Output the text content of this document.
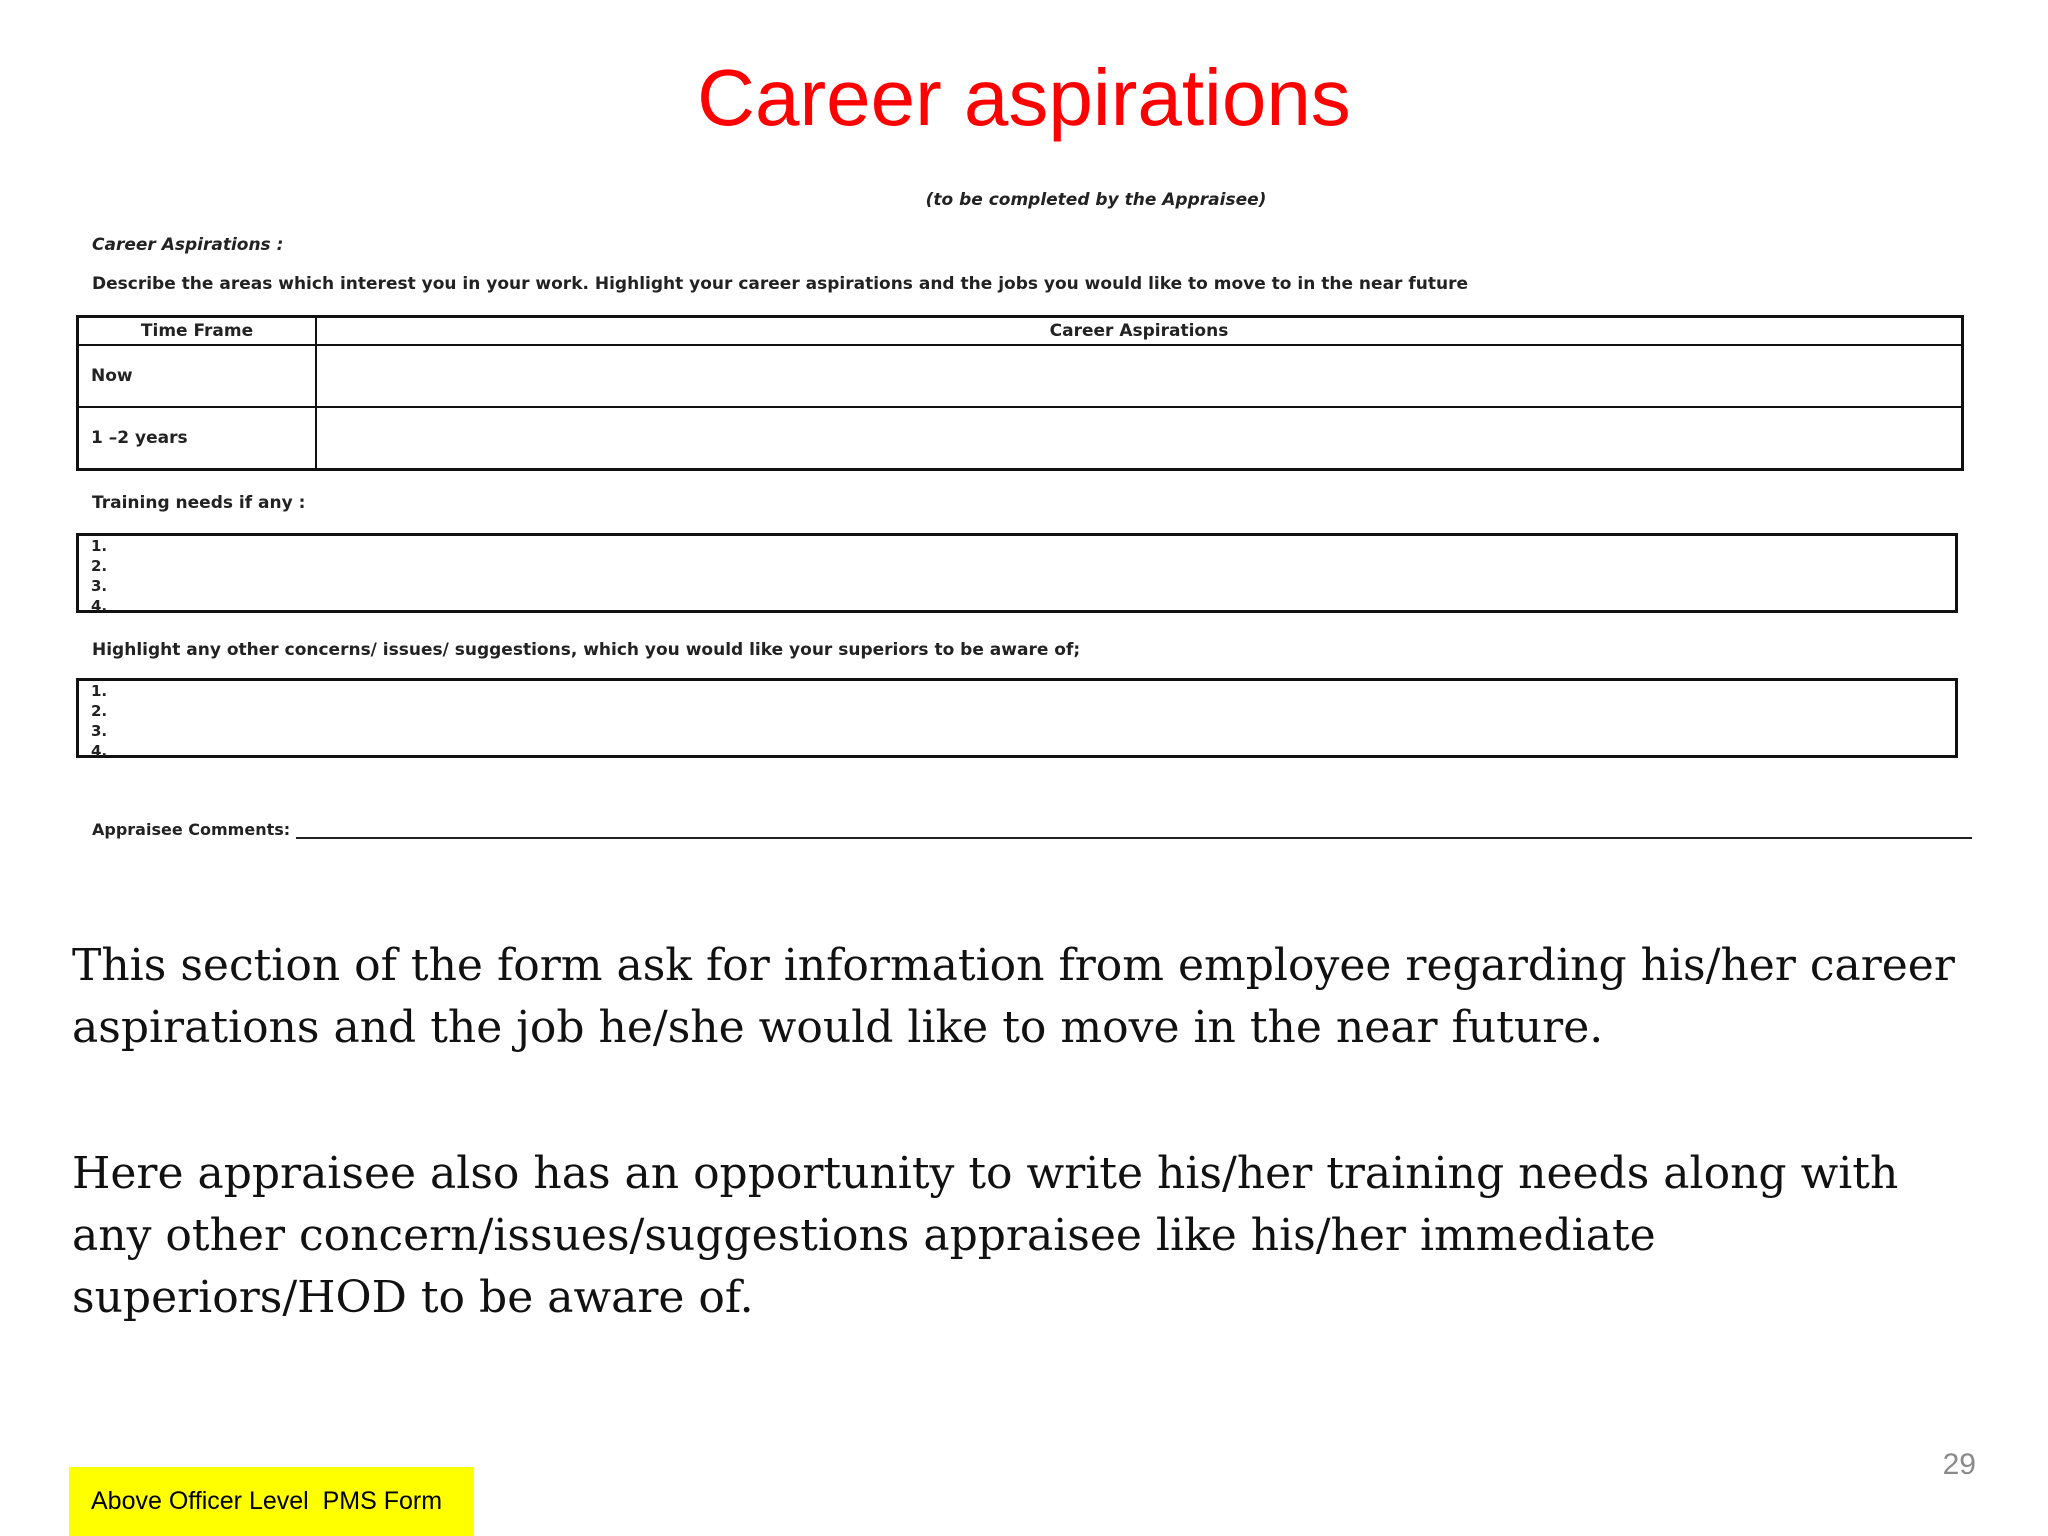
Career aspirations
(to be completed by the Appraisee)
Career Aspirations :
Describe the areas which interest you in your work. Highlight your career aspirations and the jobs you would like to move to in the near future
Time Frame	Career Aspirations
Now	
1 –2 years	
Training needs if any :
1.
2.
3.
4.
Highlight any other concerns/ issues/ suggestions, which you would like your superiors to be aware of;
1.
2.
3.
4.
Appraisee Comments:
This section of the form ask for information from employee regarding his/her career aspirations and the job he/she would like to move in the near future.
Here appraisee also has an opportunity to write his/her training needs along with any other concern/issues/suggestions appraisee like his/her immediate superiors/HOD to be aware of.
29
Above Officer Level  PMS Form
